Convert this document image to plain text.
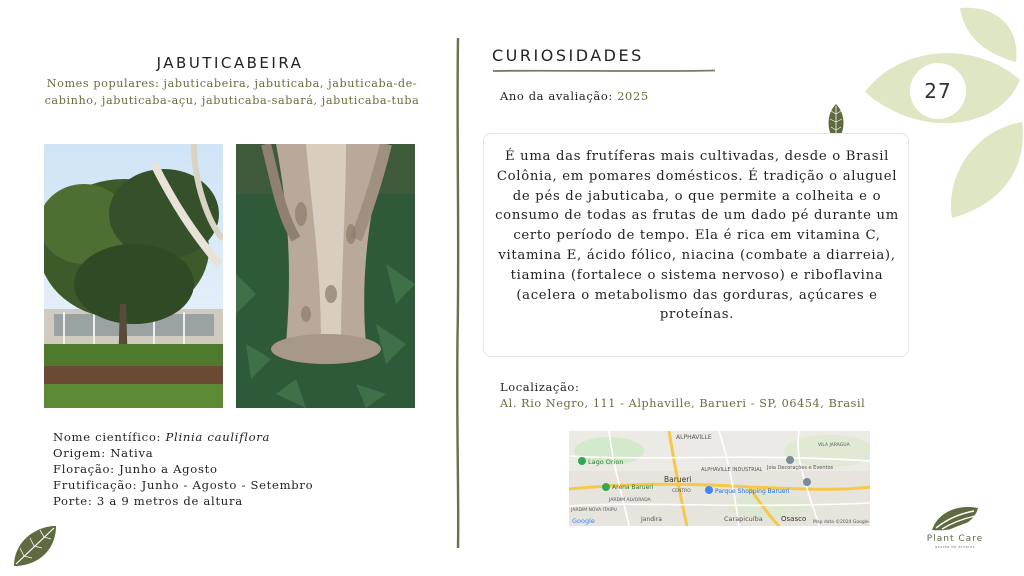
27
JABUTICABEIRA
Nomes populares: jabuticabeira, jabuticaba, jabuticaba-de-cabinho, jabuticaba-açu, jabuticaba-sabará, jabuticaba-tuba
Nome científico: Plinia cauliflora
Origem: Nativa
Floração: Junho a Agosto
Frutificação: Junho - Agosto - Setembro
Porte: 3 a 9 metros de altura
CURIOSIDADES
Ano da avaliação: 2025
É uma das frutíferas mais cultivadas, desde o Brasil Colônia, em pomares domésticos. É tradição o aluguel de pés de jabuticaba, o que permite a colheita e o consumo de todas as frutas de um dado pé durante um certo período de tempo. Ela é rica em vitamina C, vitamina E, ácido fólico, niacina (combate a diarreia), tiamina (fortalece o sistema nervoso) e riboflavina (acelera o metabolismo das gorduras, açúcares e proteínas.
Localização:
Al. Rio Negro, 111 - Alphaville, Barueri - SP, 06454, Brasil
ALPHAVILLE
Lago Orion
Barueri
ALPHAVILLE INDUSTRIAL Joia Decorações e Eventos
Parque Shopping Barueri
Arena Barueri
CENTRO
JARDIM ALVORADA
JARDIM NOVA ITAIPU
Jandira	Carapicuíba	Osasco
VILA JARAGUA
Google	Map data ©2024 Google
Plant Care
gestão de árvores
